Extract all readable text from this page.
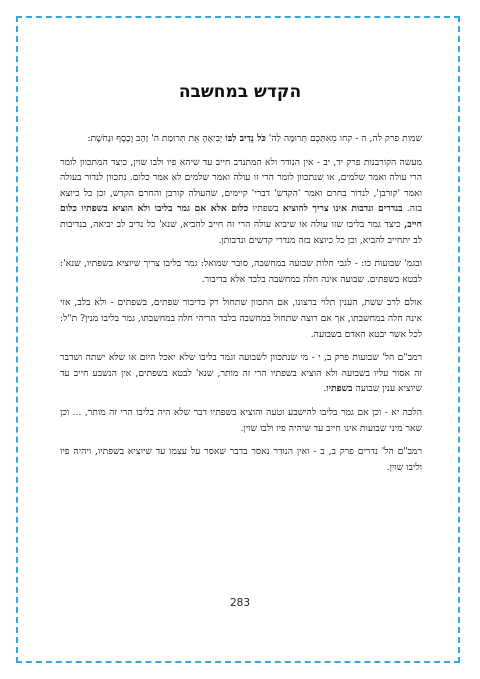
הקדש במחשבה

שמות פרק לה, ה - קחו מֵאִתְּכֶם תְּרוּמָה לַה' כֹּל נְדִיב לִבּוֹ יְבִיאֶהָ אֵת תְּרוּמַת ה' זָהָב וָכֶסֶף וּנְחֹשֶׁת:

מעשה הקורבנות פרק יד, יב - אין הנודר ולא המתנדב חייב עד שיהא פיו ולבו שוין, כיצד המתכוון לומר הרי עולה ואמר שלמים, או שנתכוון לומר הרי זו עולה ואמר שלמים לא אמר כלום. נתכוון לנדור בעולה ואמר 'קורבן', לנדור בחרם ואמר 'הקדש' דברי' קיימים, שהעולה קורבן והחרם הקדש, וכן כל כיוצא בזה. בנדרים ונדבות אינו צריך להוציא בשפתיו כלום אלא אם גמר בליבו ולא הוציא בשפתיו כלום חייב, כיצד גמר בליבו שזו עולה או שיביא עולה הרי זה חייב להביא, שנא' כל נדיב לב יביאה, בנדיבות לב יתחייב להביא, וכן כל כיוצא בזה מנדרי קדשים ונדבותן.

ובגמ' שבועות כו: - לגבי חלות שבועה במחשבה, סובר שמואל: גמר בליבו צריך שיוציא בשפתיו, שנא': לבטא בשפתים. שבועה אינה חלה במחשבה בלבד אלא בדיבור.

אולם לרב ששת, הענין תלוי ברצונו, אם התכוון שתחול רק בדיבור שפתים, בשפתים - ולא בלב, אזי אינה חלה במחשבתו, אך אם רוצה שתחול במחשבה בלבד הריהי חלה במחשבתו, גמר בליבו מנין? ת"ל: לכל אשר יבטא האדם בשבועה.

רמב"ם הל' שבועות פרק ב, י - מי שנתכוון לשבועה וגמר בליבו שלא יאכל היום או שלא ישתה ושדבר זה אסור עליו בשבועה ולא הוציא בשפתיו הרי זה מותר, שנא' לבטא בשפתים, אין הנשבע חייב עד שיוציא ענין שבועה בשפתיו.

הלכה יא - וכן אם גמר בליבו להישבע וטעה והוציא בשפתיו דבר שלא היה בליבו הרי זה מותר, ... וכן שאר מיני שבועות אינו חייב עד שיהיה פיו ולבו שוין.

רמב"ם הל' נדרים פרק ב, ב - ואין הנודר נאסר בדבר שאסר על עצמו עד שיוציא בשפתיו, ויהיה פיו וליבו שוין.

283
